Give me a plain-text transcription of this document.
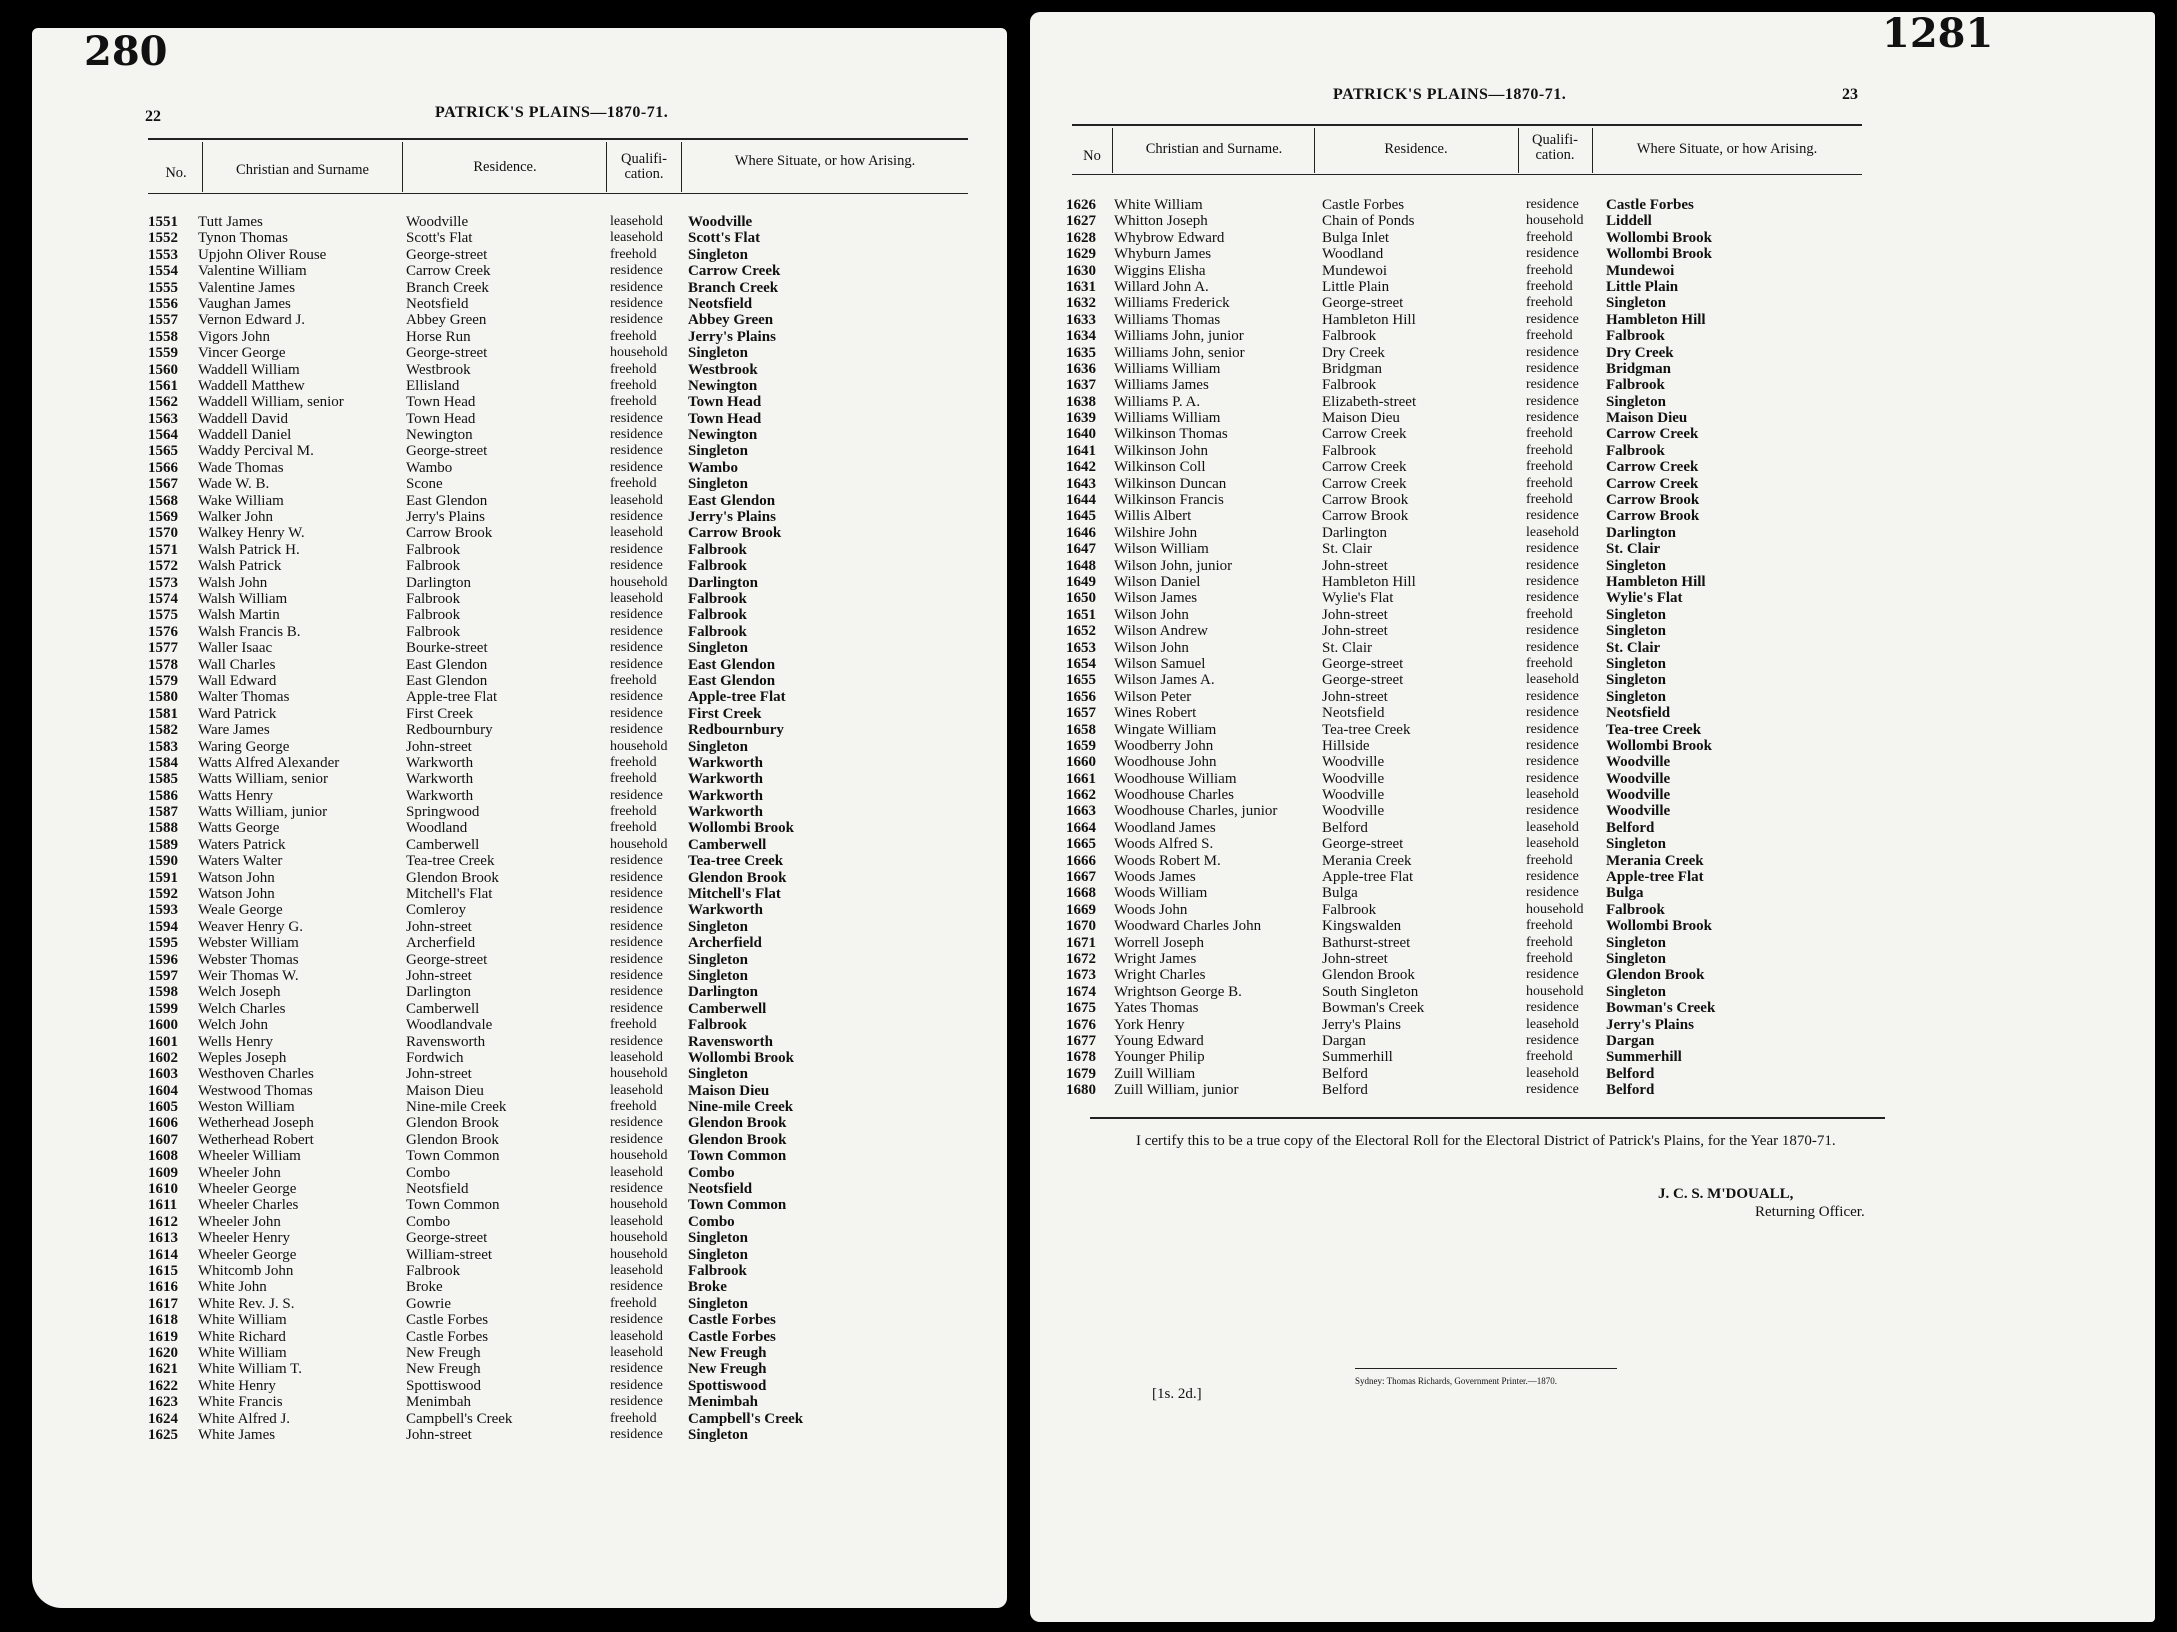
280	1281
22	PATRICK'S PLAINS—1870-71.
No.	Christian and Surname	Residence.	Qualifi-cation.
Where Situate, or how Arising.
1551 Tutt James	Woodville	leasehold Woodville
1552 Tynon Thomas	Scott's Flat	leasehold Scott's Flat
1553 Upjohn Oliver Rouse	George-street	freehold Singleton
1554 Valentine William	Carrow Creek	residence Carrow Creek
1555 Valentine James	Branch Creek	residence Branch Creek
1556 Vaughan James	Neotsfield	residence Neotsfield
1557 Vernon Edward J.	Abbey Green	residence Abbey Green
1558 Vigors John	Horse Run	freehold Jerry's Plains
1559 Vincer George	George-street	household Singleton
1560 Waddell William	Westbrook	freehold Westbrook
1561 Waddell Matthew	Ellisland	freehold Newington
1562 Waddell William, senior	Town Head	freehold Town Head
1563 Waddell David	Town Head	residence Town Head
1564 Waddell Daniel	Newington	residence Newington
1565 Waddy Percival M.	George-street	residence Singleton
1566 Wade Thomas	Wambo	residence Wambo
1567 Wade W. B.	Scone	freehold Singleton
1568 Wake William	East Glendon	leasehold East Glendon
1569 Walker John	Jerry's Plains	residence Jerry's Plains
1570 Walkey Henry W.	Carrow Brook	leasehold Carrow Brook
1571 Walsh Patrick H.	Falbrook	residence Falbrook
1572 Walsh Patrick	Falbrook	residence Falbrook
1573 Walsh John	Darlington	household Darlington
1574 Walsh William	Falbrook	leasehold Falbrook
1575 Walsh Martin	Falbrook	residence Falbrook
1576 Walsh Francis B.	Falbrook	residence Falbrook
1577 Waller Isaac	Bourke-street	residence Singleton
1578 Wall Charles	East Glendon	residence East Glendon
1579 Wall Edward	East Glendon	freehold East Glendon
1580 Walter Thomas	Apple-tree Flat	residence Apple-tree Flat
1581 Ward Patrick	First Creek	residence First Creek
1582 Ware James	Redbournbury	residence Redbournbury
1583 Waring George	John-street	household Singleton
1584 Watts Alfred Alexander	Warkworth	freehold Warkworth
1585 Watts William, senior	Warkworth	freehold Warkworth
1586 Watts Henry	Warkworth	residence Warkworth
1587 Watts William, junior	Springwood	freehold Warkworth
1588 Watts George	Woodland	freehold Wollombi Brook
1589 Waters Patrick	Camberwell	household Camberwell
1590 Waters Walter	Tea-tree Creek	residence Tea-tree Creek
1591 Watson John	Glendon Brook	residence Glendon Brook
1592 Watson John	Mitchell's Flat	residence Mitchell's Flat
1593 Weale George	Comleroy	residence Warkworth
1594 Weaver Henry G.	John-street	residence Singleton
1595 Webster William	Archerfield	residence Archerfield
1596 Webster Thomas	George-street	residence Singleton
1597 Weir Thomas W.	John-street	residence Singleton
1598 Welch Joseph	Darlington	residence Darlington
1599 Welch Charles	Camberwell	residence Camberwell
1600 Welch John	Woodlandvale	freehold Falbrook
1601 Wells Henry	Ravensworth	residence Ravensworth
1602 Weples Joseph	Fordwich	leasehold Wollombi Brook
1603 Westhoven Charles	John-street	household Singleton
1604 Westwood Thomas	Maison Dieu	leasehold Maison Dieu
1605 Weston William	Nine-mile Creek	freehold Nine-mile Creek
1606 Wetherhead Joseph	Glendon Brook	residence Glendon Brook
1607 Wetherhead Robert	Glendon Brook	residence Glendon Brook
1608 Wheeler William	Town Common	household Town Common
1609 Wheeler John	Combo	leasehold Combo
1610 Wheeler George	Neotsfield	residence Neotsfield
1611 Wheeler Charles	Town Common	household Town Common
1612 Wheeler John	Combo	leasehold Combo
1613 Wheeler Henry	George-street	household Singleton
1614 Wheeler George	William-street	household Singleton
1615 Whitcomb John	Falbrook	leasehold Falbrook
1616 White John	Broke	residence Broke
1617 White Rev. J. S.	Gowrie	freehold Singleton
1618 White William	Castle Forbes	residence Castle Forbes
1619 White Richard	Castle Forbes	leasehold Castle Forbes
1620 White William	New Freugh	leasehold New Freugh
1621 White William T.	New Freugh	residence New Freugh
1622 White Henry	Spottiswood	residence Spottiswood
1623 White Francis	Menimbah	residence Menimbah
1624 White Alfred J.	Campbell's Creek	freehold Campbell's Creek
1625 White James	John-street	residence Singleton
PATRICK'S PLAINS—1870-71.	23
No	Christian and Surname.	Residence.
Qualifi-cation.	Where Situate, or how Arising.
1626 White William	Castle Forbes	residence Castle Forbes
1627 Whitton Joseph	Chain of Ponds	household Liddell
1628 Whybrow Edward	Bulga Inlet	freehold Wollombi Brook
1629 Whyburn James	Woodland	residence Wollombi Brook
1630 Wiggins Elisha	Mundewoi	freehold Mundewoi
1631 Willard John A.	Little Plain	freehold Little Plain
1632 Williams Frederick	George-street	freehold Singleton
1633 Williams Thomas	Hambleton Hill	residence Hambleton Hill
1634 Williams John, junior	Falbrook	freehold Falbrook
1635 Williams John, senior	Dry Creek	residence Dry Creek
1636 Williams William	Bridgman	residence Bridgman
1637 Williams James	Falbrook	residence Falbrook
1638 Williams P. A.	Elizabeth-street	residence Singleton
1639 Williams William	Maison Dieu	residence Maison Dieu
1640 Wilkinson Thomas	Carrow Creek	freehold Carrow Creek
1641 Wilkinson John	Falbrook	freehold Falbrook
1642 Wilkinson Coll	Carrow Creek	freehold Carrow Creek
1643 Wilkinson Duncan	Carrow Creek	freehold Carrow Creek
1644 Wilkinson Francis	Carrow Brook	freehold Carrow Brook
1645 Willis Albert	Carrow Brook	residence Carrow Brook
1646 Wilshire John	Darlington	leasehold Darlington
1647 Wilson William	St. Clair	residence St. Clair
1648 Wilson John, junior	John-street	residence Singleton
1649 Wilson Daniel	Hambleton Hill	residence Hambleton Hill
1650 Wilson James	Wylie's Flat	residence Wylie's Flat
1651 Wilson John	John-street	freehold Singleton
1652 Wilson Andrew	John-street	residence Singleton
1653 Wilson John	St. Clair	residence St. Clair
1654 Wilson Samuel	George-street	freehold Singleton
1655 Wilson James A.	George-street	leasehold Singleton
1656 Wilson Peter	John-street	residence Singleton
1657 Wines Robert	Neotsfield	residence Neotsfield
1658 Wingate William	Tea-tree Creek	residence Tea-tree Creek
1659 Woodberry John	Hillside	residence Wollombi Brook
1660 Woodhouse John	Woodville	residence Woodville
1661 Woodhouse William	Woodville	residence Woodville
1662 Woodhouse Charles	Woodville	leasehold Woodville
1663 Woodhouse Charles, junior	Woodville	residence Woodville
1664 Woodland James	Belford	leasehold Belford
1665 Woods Alfred S.	George-street	leasehold Singleton
1666 Woods Robert M.	Merania Creek	freehold Merania Creek
1667 Woods James	Apple-tree Flat	residence Apple-tree Flat
1668 Woods William	Bulga	residence Bulga
1669 Woods John	Falbrook	household Falbrook
1670 Woodward Charles John	Kingswalden	freehold Wollombi Brook
1671 Worrell Joseph	Bathurst-street	freehold Singleton
1672 Wright James	John-street	freehold Singleton
1673 Wright Charles	Glendon Brook	residence Glendon Brook
1674 Wrightson George B.	South Singleton	household Singleton
1675 Yates Thomas	Bowman's Creek	residence Bowman's Creek
1676 York Henry	Jerry's Plains	leasehold Jerry's Plains
1677 Young Edward	Dargan	residence Dargan
1678 Younger Philip	Summerhill	freehold Summerhill
1679 Zuill William	Belford	leasehold Belford
1680 Zuill William, junior	Belford	residence Belford
I certify this to be a true copy of the Electoral Roll for the Electoral District of Patrick's Plains, for the Year 1870-71.
J. C. S. M'DOUALL,
Returning Officer.
[1s. 2d.]
Sydney: Thomas Richards, Government Printer.—1870.
